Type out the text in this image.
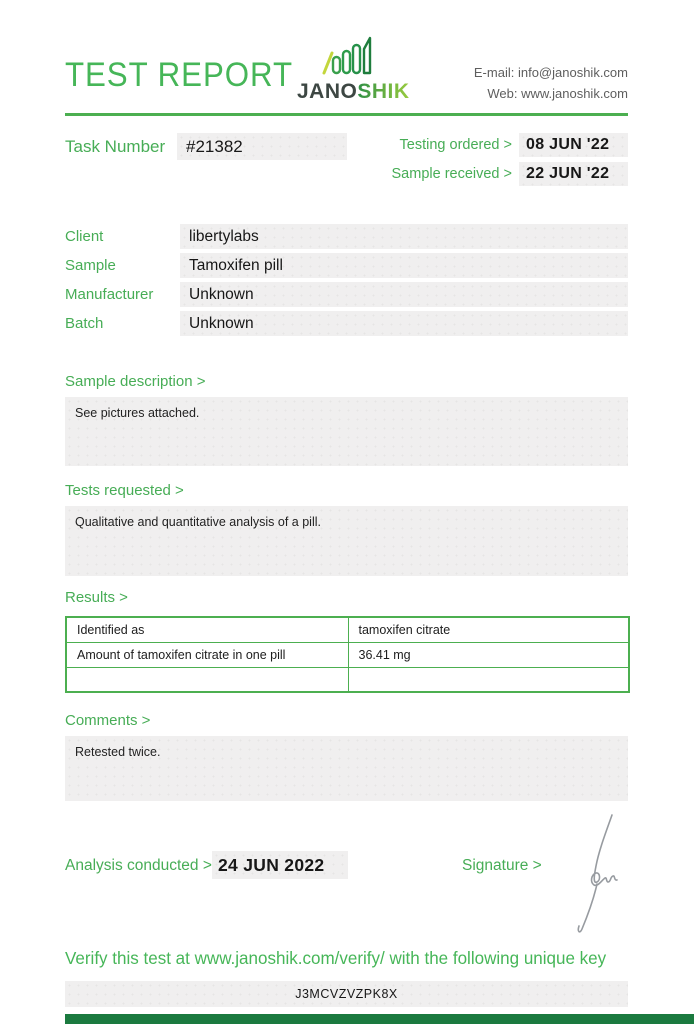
TEST REPORT JANOSHIK
E-mail: info@janoshik.com
Web: www.janoshik.com
Task Number	#21382	Testing ordered > 08 JUN '22
Sample received > 22 JUN '22
Client	libertylabs
Sample	Tamoxifen pill
Manufacturer	Unknown
Batch	Unknown
Sample description >
See pictures attached.
Tests requested >
Qualitative and quantitative analysis of a pill.
Results >
Identified as	tamoxifen citrate
Amount of tamoxifen citrate in one pill	36.41 mg

Comments >
Retested twice.
Analysis conducted > 24 JUN 2022	Signature >
Verify this test at www.janoshik.com/verify/ with the following unique key
J3MCVZVZPK8X
